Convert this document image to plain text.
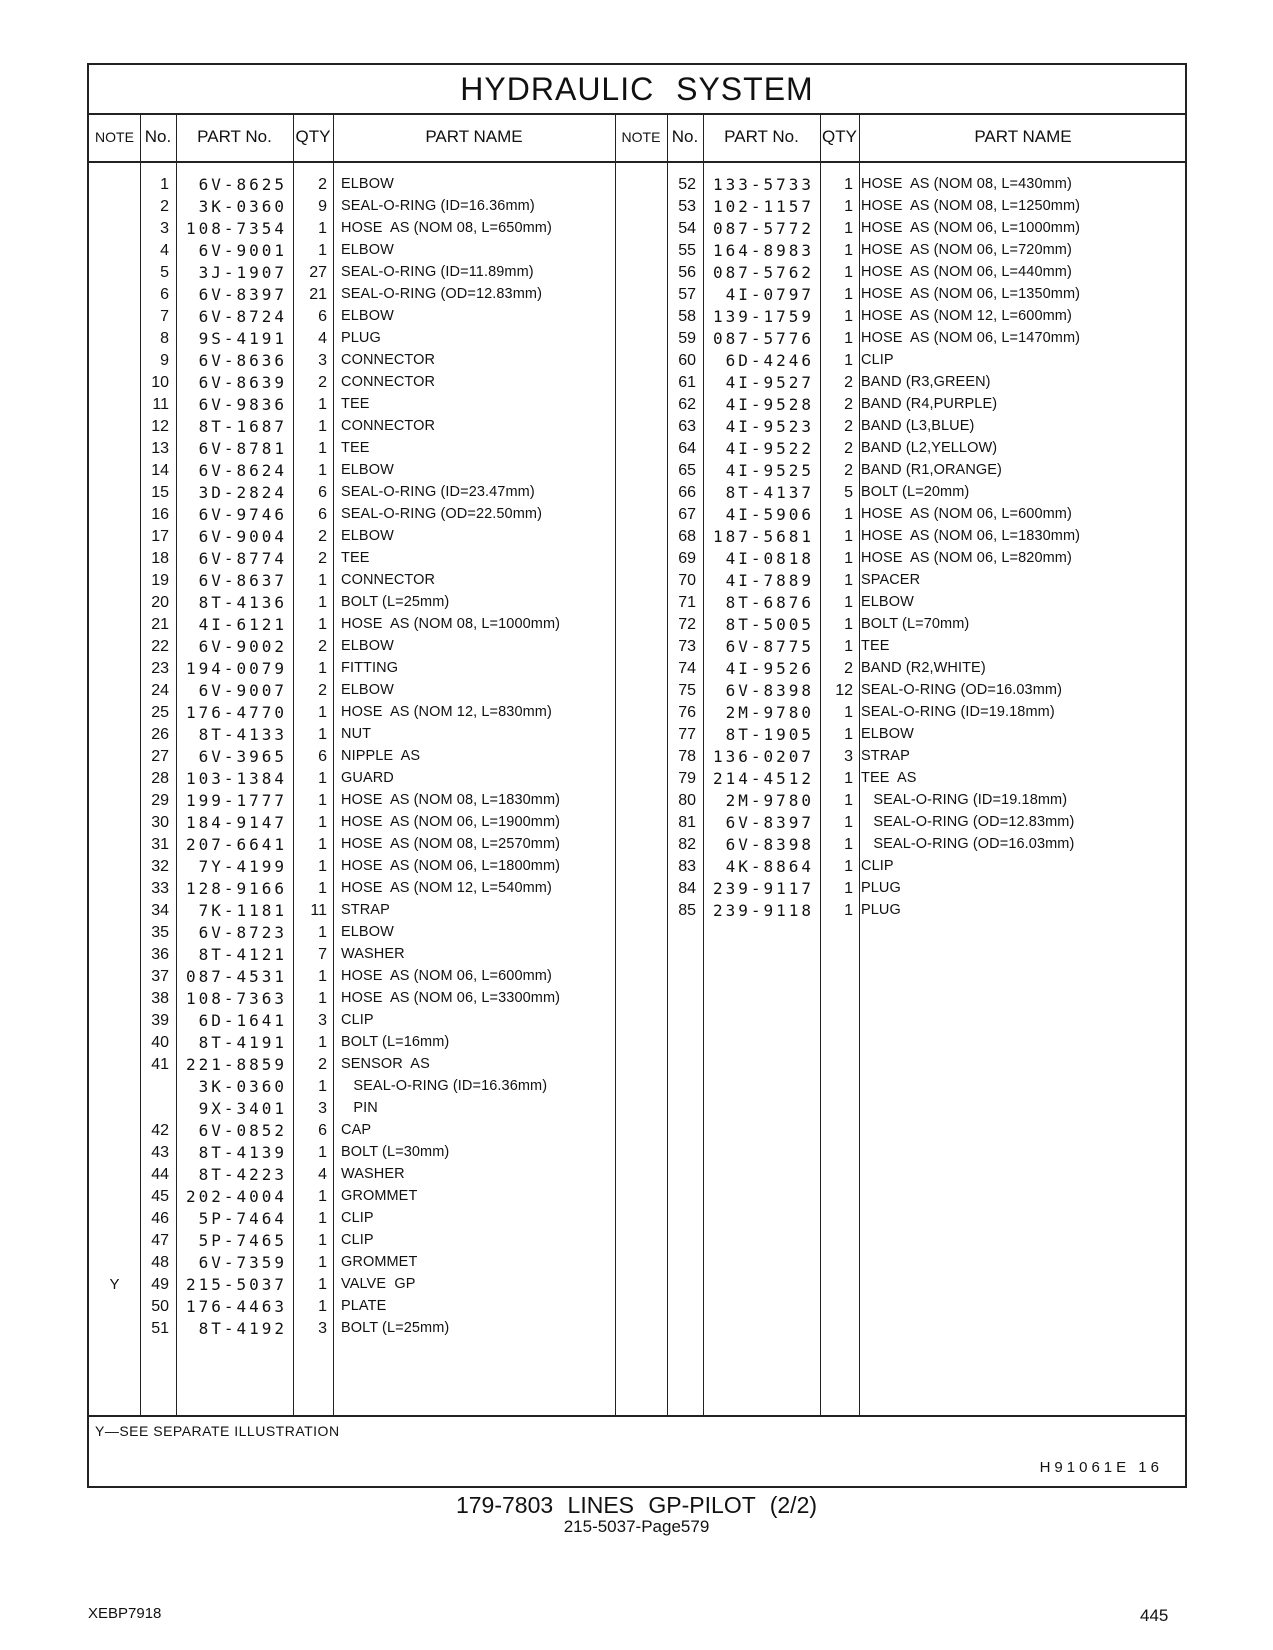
HYDRAULIC SYSTEM
NOTE No.	PART No.	QTY	PART NAME	NOTE No.	PART No.	QTY	PART NAME
1	6V-8625	2 ELBOW
2	3K-0360	9 SEAL-O-RING (ID=16.36mm)
3	108-7354	1 HOSE  AS (NOM 08, L=650mm)
4	6V-9001	1 ELBOW
5	3J-1907	27 SEAL-O-RING (ID=11.89mm)
6	6V-8397	21 SEAL-O-RING (OD=12.83mm)
7	6V-8724	6 ELBOW
8	9S-4191	4 PLUG
9	6V-8636	3 CONNECTOR
10	6V-8639	2 CONNECTOR
11	6V-9836	1 TEE
12	8T-1687	1 CONNECTOR
13	6V-8781	1 TEE
14	6V-8624	1 ELBOW
15	3D-2824	6 SEAL-O-RING (ID=23.47mm)
16	6V-9746	6 SEAL-O-RING (OD=22.50mm)
17	6V-9004	2 ELBOW
18	6V-8774	2 TEE
19	6V-8637	1 CONNECTOR
20	8T-4136	1 BOLT (L=25mm)
21	4I-6121	1 HOSE  AS (NOM 08, L=1000mm)
22	6V-9002	2 ELBOW
23	194-0079	1 FITTING
24	6V-9007	2 ELBOW
25	176-4770	1 HOSE  AS (NOM 12, L=830mm)
26	8T-4133	1 NUT
27	6V-3965	6 NIPPLE  AS
28	103-1384	1 GUARD
29	199-1777	1 HOSE  AS (NOM 08, L=1830mm)
30	184-9147	1 HOSE  AS (NOM 06, L=1900mm)
31	207-6641	1 HOSE  AS (NOM 08, L=2570mm)
32	7Y-4199	1 HOSE  AS (NOM 06, L=1800mm)
33	128-9166	1 HOSE  AS (NOM 12, L=540mm)
34	7K-1181	11 STRAP
35	6V-8723	1 ELBOW
36	8T-4121	7 WASHER
37	087-4531	1 HOSE  AS (NOM 06, L=600mm)
38	108-7363	1 HOSE  AS (NOM 06, L=3300mm)
39	6D-1641	3 CLIP
40	8T-4191	1 BOLT (L=16mm)
41	221-8859	2 SENSOR  AS
3K-0360	1 SEAL-O-RING (ID=16.36mm)
9X-3401	3 PIN
42	6V-0852	6 CAP
43	8T-4139	1 BOLT (L=30mm)
44	8T-4223	4 WASHER
45	202-4004	1 GROMMET
46	5P-7464	1 CLIP
47	5P-7465	1 CLIP
48	6V-7359	1 GROMMET
Y	49	215-5037	1 VALVE  GP
50	176-4463	1 PLATE
51	8T-4192	3 BOLT (L=25mm)
52	133-5733	1 HOSE  AS (NOM 08, L=430mm)
53	102-1157	1 HOSE  AS (NOM 08, L=1250mm)
54	087-5772	1 HOSE  AS (NOM 06, L=1000mm)
55	164-8983	1 HOSE  AS (NOM 06, L=720mm)
56	087-5762	1 HOSE  AS (NOM 06, L=440mm)
57	4I-0797	1 HOSE  AS (NOM 06, L=1350mm)
58	139-1759	1 HOSE  AS (NOM 12, L=600mm)
59	087-5776	1 HOSE  AS (NOM 06, L=1470mm)
60	6D-4246	1 CLIP
61	4I-9527	2 BAND (R3,GREEN)
62	4I-9528	2 BAND (R4,PURPLE)
63	4I-9523	2 BAND (L3,BLUE)
64	4I-9522	2 BAND (L2,YELLOW)
65	4I-9525	2 BAND (R1,ORANGE)
66	8T-4137	5 BOLT (L=20mm)
67	4I-5906	1 HOSE  AS (NOM 06, L=600mm)
68	187-5681	1 HOSE  AS (NOM 06, L=1830mm)
69	4I-0818	1 HOSE  AS (NOM 06, L=820mm)
70	4I-7889	1 SPACER
71	8T-6876	1 ELBOW
72	8T-5005	1 BOLT (L=70mm)
73	6V-8775	1 TEE
74	4I-9526	2 BAND (R2,WHITE)
75	6V-8398	12 SEAL-O-RING (OD=16.03mm)
76	2M-9780	1 SEAL-O-RING (ID=19.18mm)
77	8T-1905	1 ELBOW
78	136-0207	3 STRAP
79	214-4512	1 TEE  AS
80	2M-9780	1 SEAL-O-RING (ID=19.18mm)
81	6V-8397	1 SEAL-O-RING (OD=12.83mm)
82	6V-8398	1 SEAL-O-RING (OD=16.03mm)
83	4K-8864	1 CLIP
84	239-9117	1 PLUG
85	239-9118	1 PLUG
Y—SEE SEPARATE ILLUSTRATION
H91061E 16
179-7803 LINES GP-PILOT (2/2)
215-5037-Page579
XEBP7918	445
